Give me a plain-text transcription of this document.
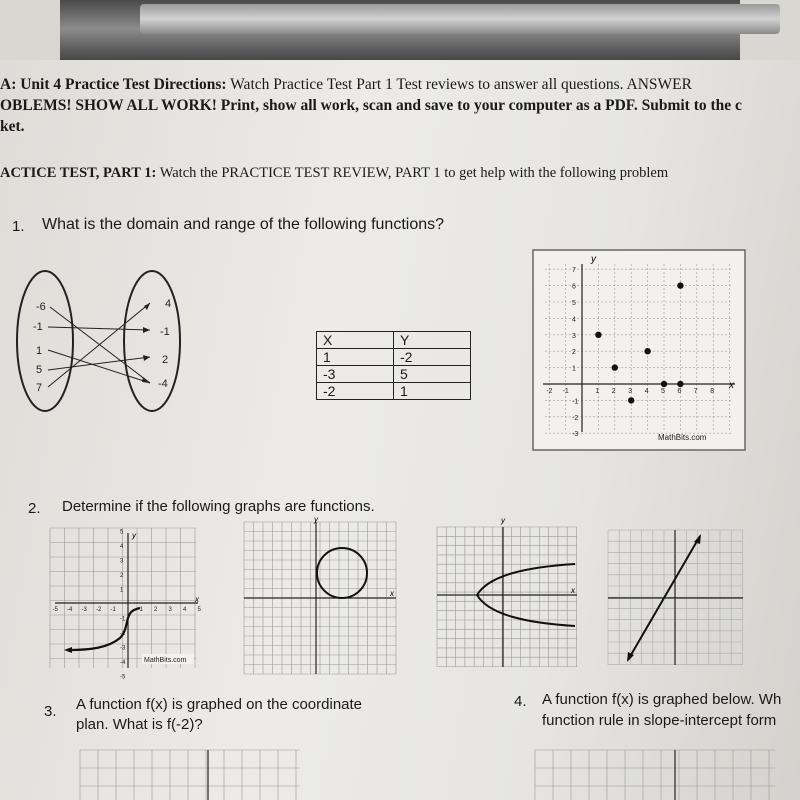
A: Unit 4 Practice Test Directions: Watch Practice Test Part 1 Test reviews to answer all questions. ANSWER
OBLEMS! SHOW ALL WORK! Print, show all work, scan and save to your computer as a PDF. Submit to the c
ket.
ACTICE TEST, PART 1: Watch the PRACTICE TEST REVIEW, PART 1 to get help with the following problem
1. What is the domain and range of the following functions?
-6
-1
1
5
7
4
-1
2
-4
X	Y
1	-2
-3	5
-2	1
y
x
-2 -1	1 2 3 4 5 6 7 8
7
6
5
4
3
2
1
-1
-2
-3	MathBits.com
2. Determine if the following graphs are functions.
y
x
-5 -4 -3 -2 -1	1 2 3 4 5
5
4
3
2
1
-1
-2
-3
-4
-5
MathBits.com
y
x
y
x
3. A function f(x) is graphed on the coordinate
plan. What is f(-2)?
4. A function f(x) is graphed below. Wh
function rule in slope-intercept form
